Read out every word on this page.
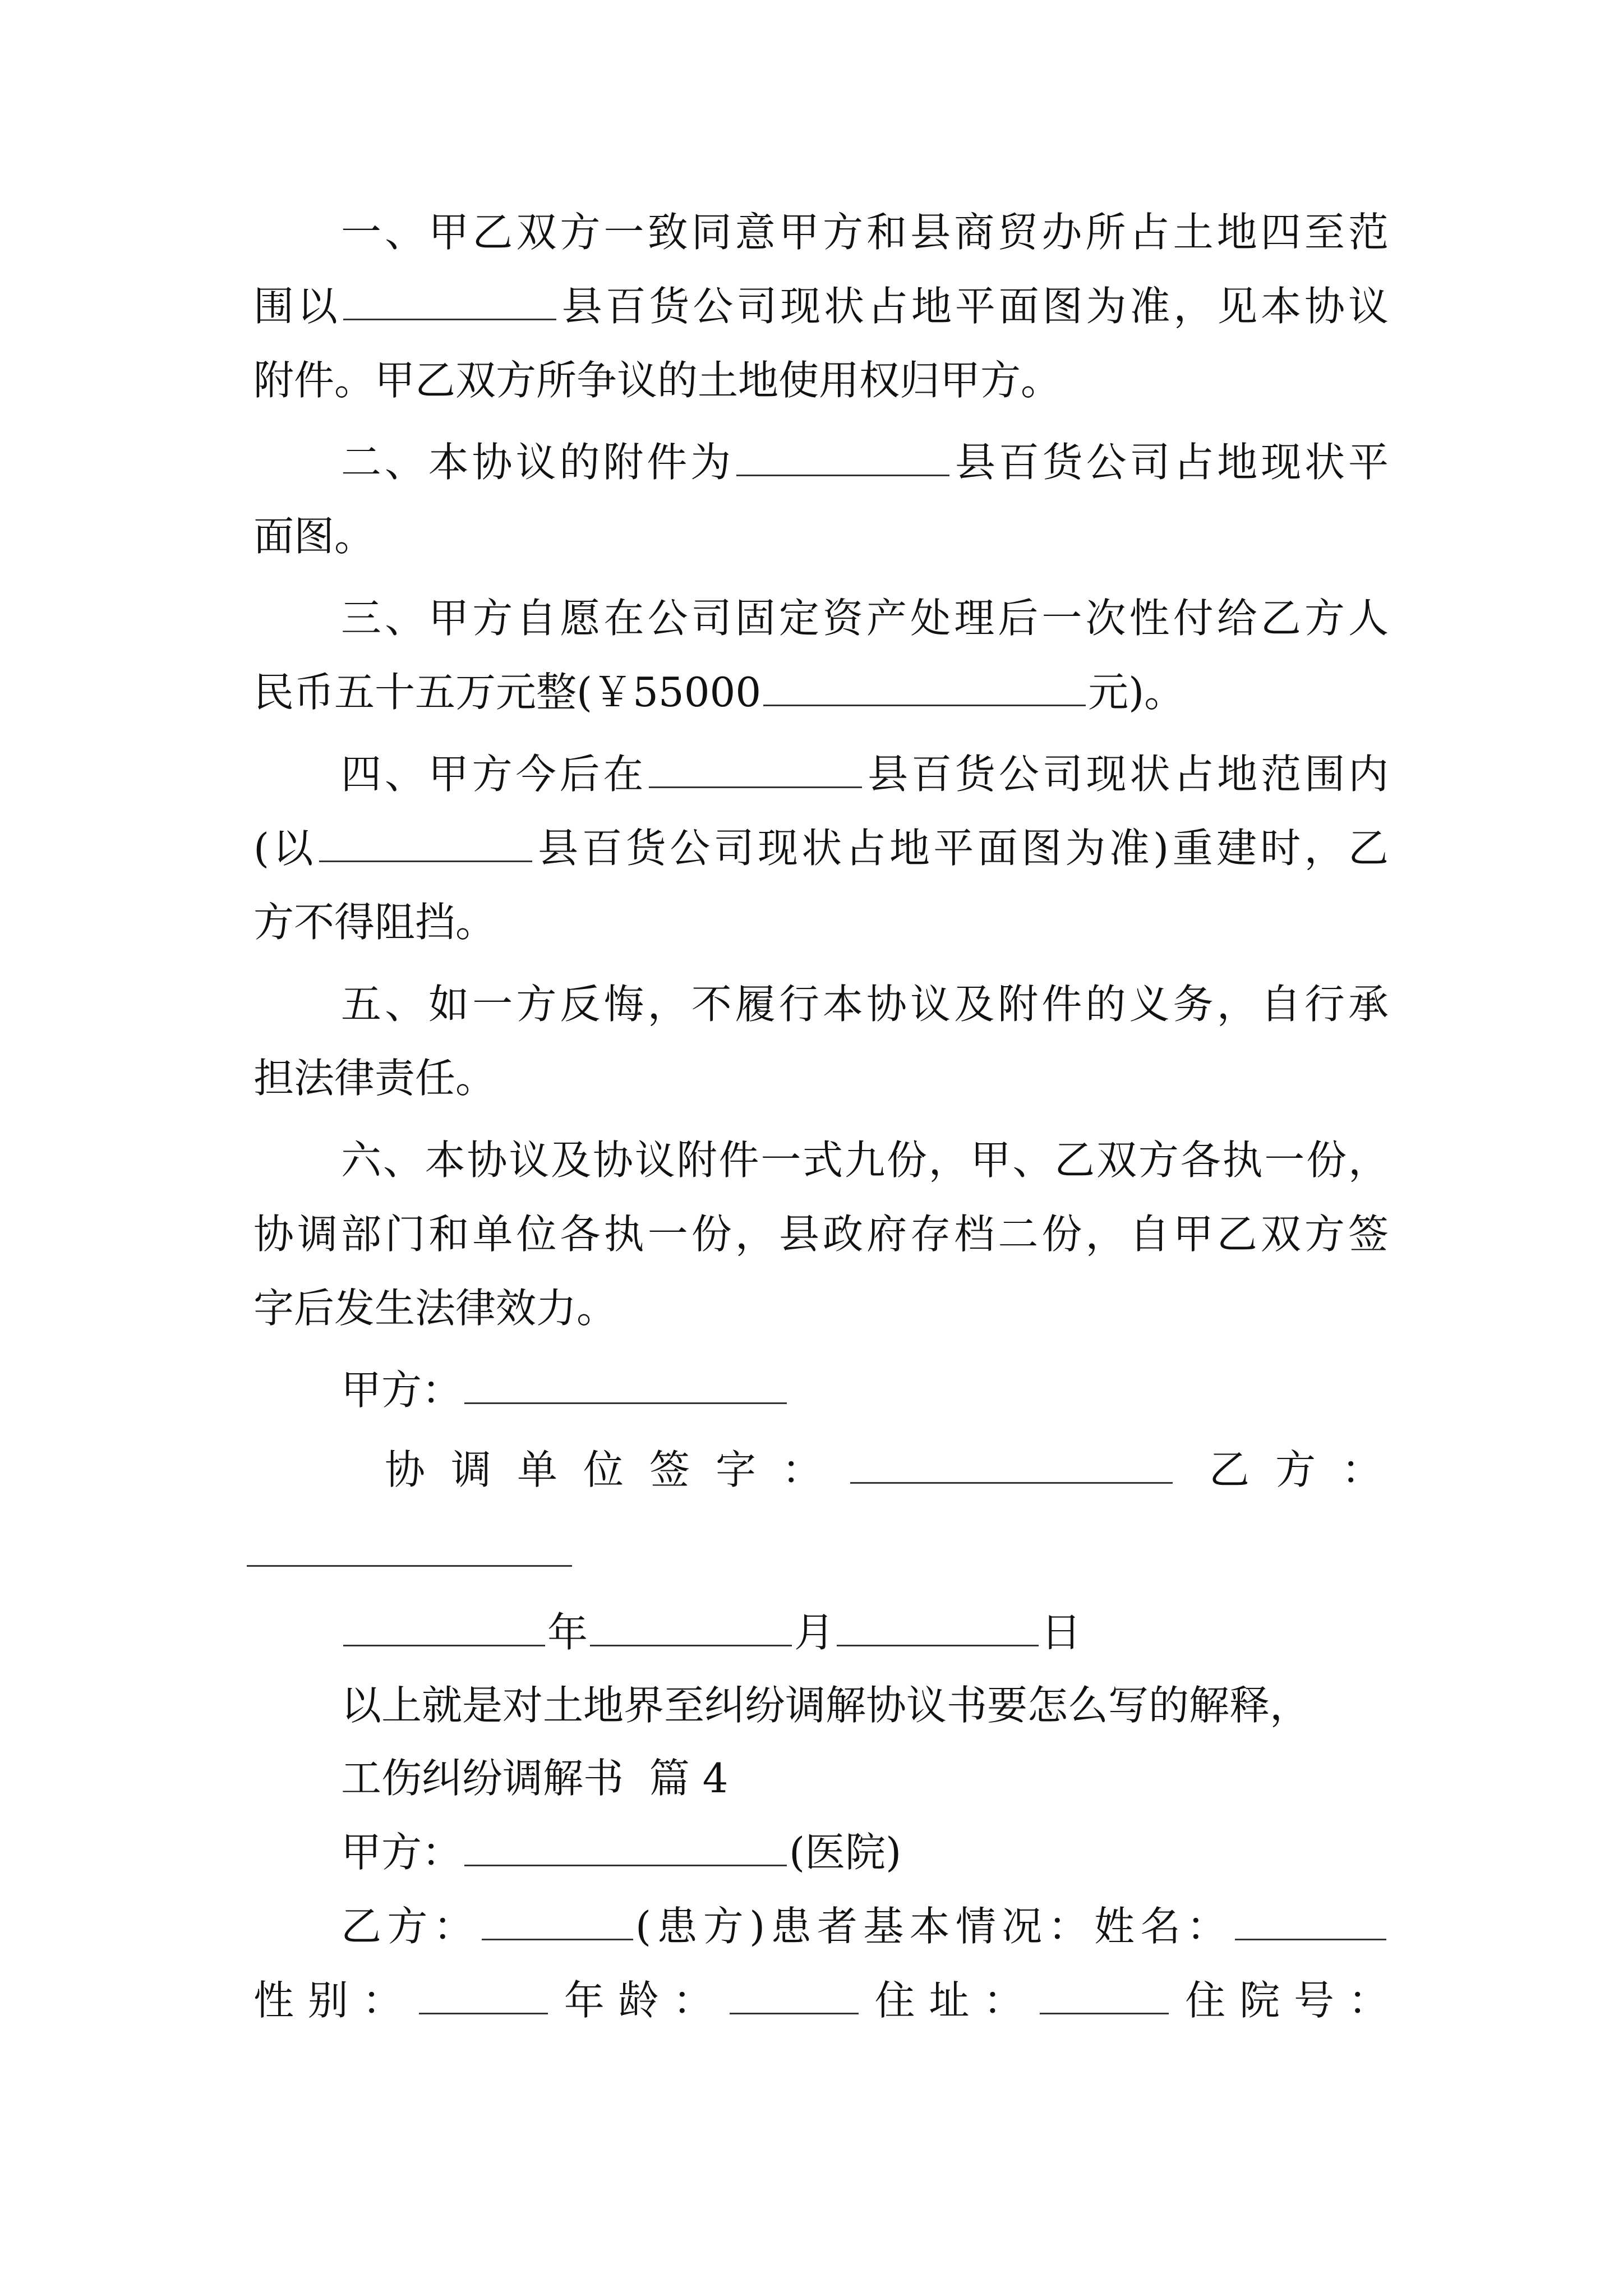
一、甲乙双方一致同意甲方和县商贸办所占土地四至范
围以	县百货公司现状占地平面图为准，见本协议
附件。甲乙双方所争议的土地使用权归甲方。
二、本协议的附件为	县百货公司占地现状平
面图。
三、甲方自愿在公司固定资产处理后一次性付给乙方人
民币五十五万元整(￥55000	元)。
四、甲方今后在	县百货公司现状占地范围内
(以	县百货公司现状占地平面图为准)重建时，乙
方不得阻挡。
五、如一方反悔，不履行本协议及附件的义务，自行承
担法律责任。
六、本协议及协议附件一式九份，甲、乙双方各执一份，
协调部门和单位各执一份，县政府存档二份，自甲乙双方签
字后发生法律效力。
甲方：
协调单位签字：	乙方：
年	月	日
以上就是对土地界至纠纷调解协议书要怎么写的解释，
工伤纠纷调解书  篇 4
甲方：	(医院)
乙方：	(患方)患者基本情况：姓名：
性别：	年龄：	住址：	住院号：
